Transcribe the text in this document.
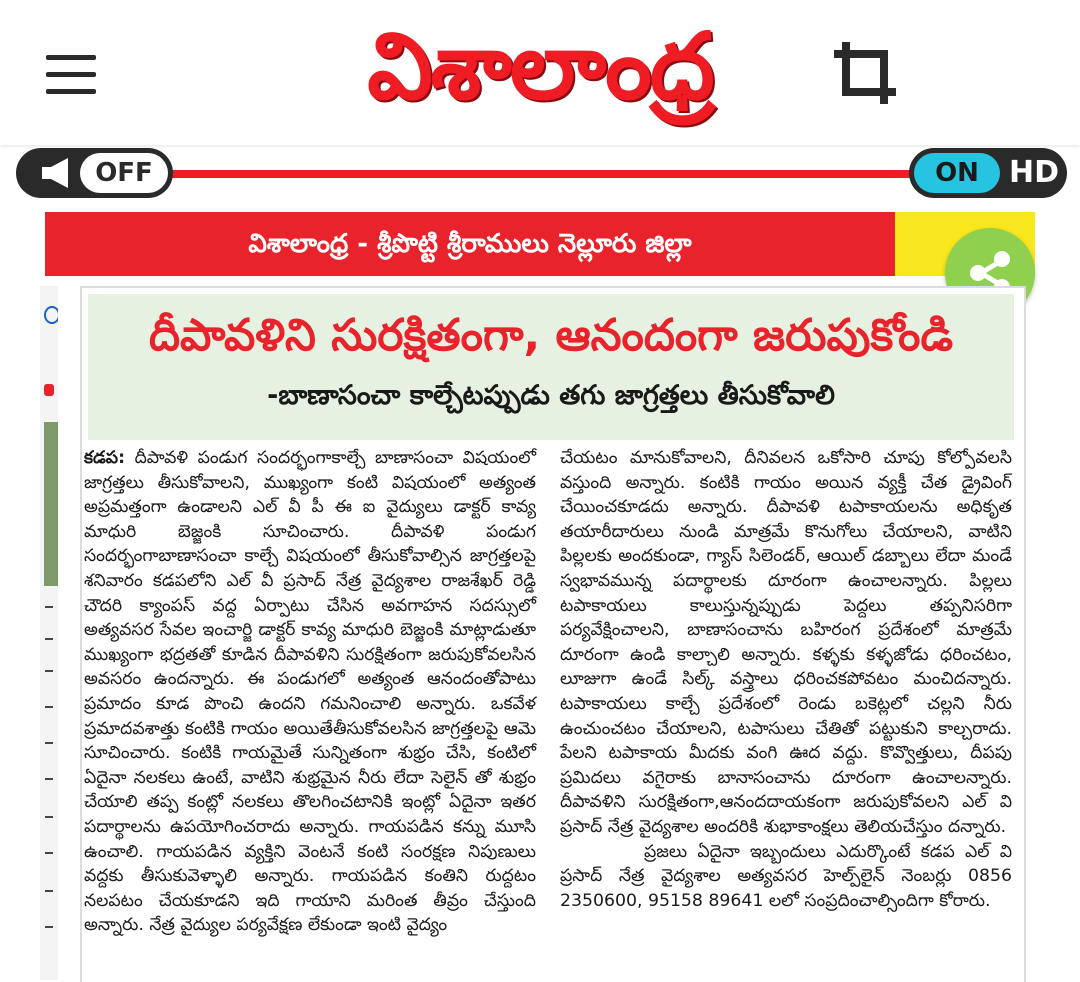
విశాలాంధ్ర
OFF	ON	HD
విశాలాంధ్ర - శ్రీపొట్టి శ్రీరాములు నెల్లూరు జిల్లా
దీపావళిని సురక్షితంగా, ఆనందంగా జరుపుకోండి
-బాణాసంచా కాల్చేటప్పుడు తగు జాగ్రత్తలు తీసుకోవాలి

కడప: దీపావళి పండుగ సందర్భంగాకాల్చే బాణాసంచా విషయంలో జాగ్రత్తలు తీసుకోవాలని, ముఖ్యంగా కంటి విషయంలో అత్యంత అప్రమత్తంగా ఉండాలని ఎల్ వీ పీ ఈ ఐ వైద్యులు డాక్టర్ కావ్య మాధురి బెజ్జంకి సూచించారు. దీపావళి పండుగ సందర్భంగాబాణాసంచా కాల్చే విషయంలో తీసుకోవాల్సిన జాగ్రత్తలపై శనివారం కడపలోని ఎల్ వీ ప్రసాద్ నేత్ర వైద్యశాల రాజశేఖర్ రెడ్డి చౌదరి క్యాంపస్ వద్ద ఏర్పాటు చేసిన అవగాహన సదస్సులో అత్యవసర సేవల ఇంచార్జి డాక్టర్ కావ్య మాధురి బెజ్జంకి మాట్లాడుతూ ముఖ్యంగా భద్రతతో కూడిన దీపావళిని సురక్షితంగా జరుపుకోవలసిన అవసరం ఉందన్నారు. ఈ పండుగలో అత్యంత ఆనందంతోపాటు ప్రమాదం కూడ పొంచి ఉందని గమనించాలి అన్నారు. ఒకవేళ ప్రమాదవశాత్తు కంటికి గాయం అయితేతీసుకోవలసిన జాగ్రత్తలపై ఆమె సూచించారు. కంటికి గాయమైతే సున్నితంగా శుభ్రం చేసి, కంటిలో ఏదైనా నలకలు ఉంటే, వాటిని శుభ్రమైన నీరు లేదా సెలైన్ తో శుభ్రం చేయాలి తప్ప కంట్లో నలకలు తొలగించటానికి ఇంట్లో ఏదైనా ఇతర పదార్థాలను ఉపయోగించరాదు అన్నారు. గాయపడిన కన్ను మూసి ఉంచాలి. గాయపడిన వ్యక్తిని వెంటనే కంటి సంరక్షణ నిపుణులు వద్దకు తీసుకువెళ్ళాలి అన్నారు. గాయపడిన కంతిని రుద్దటం నలపటం చేయకూడని ఇది గాయాని మరింత తీవ్రం చేస్తుంది అన్నారు. నేత్ర వైద్యుల పర్యవేక్షణ లేకుండా ఇంటి వైద్యం

చేయటం మానుకోవాలని, దీనివలన ఒకోసారి చూపు కోల్పోవలసి వస్తుంది అన్నారు. కంటికి గాయం అయిన వ్యక్తీ చేత డ్రైవింగ్ చేయించకూడదు అన్నారు. దీపావళి టపాకాయలను అధికృత తయారీదారులు నుండి మాత్రమే కొనుగోలు చేయాలని, వాటిని పిల్లలకు అందకుండా, గ్యాస్ సిలెండర్, ఆయిల్ డబ్బాలు లేదా మండే స్వభావమున్న పదార్థాలకు దూరంగా ఉంచాలన్నారు. పిల్లలు టపాకాయలు కాలుస్తున్నప్పుడు పెద్దలు తప్పనిసరిగా పర్యవేక్షించాలని, బాణాసంచాను బహిరంగ ప్రదేశంలో మాత్రమే దూరంగా ఉండి కాల్చాలి అన్నారు. కళ్ళకు కళ్ళజోడు ధరించటం, లూజుగా ఉండే సిల్క్ వస్త్రాలు ధరించకపోవటం మంచిదన్నారు. టపాకాయలు కాల్చే ప్రదేశంలో రెండు బకెట్లలో చల్లని నీరు ఉంచుంచటం చేయాలని, టపాసులు చేతితో పట్టుకుని కాల్చరాదు. పేలని టపాకాయ మీదకు వంగి ఊద వద్దు. కొవ్వొత్తులు, దీపపు ప్రమిదలు వగైరాకు బానాసంచాను దూరంగా ఉంచాలన్నారు. దీపావళిని సురక్షితంగా,ఆనందదాయకంగా జరుపుకోవలని ఎల్ వి ప్రసాద్ నేత్ర వైద్యశాల అందరికి శుభాకాంక్షలు తెలియచేస్తుం దన్నారు.

ప్రజలు ఏదైనా ఇబ్బందులు ఎదుర్కొంటే కడప ఎల్ వి ప్రసాద్ నేత్ర వైద్యశాల అత్యవసర హెల్ప్‌లైన్ నెంబర్లు 0856 2350600, 95158 89641 లలో సంప్రదించాల్సిందిగా కోరారు.
